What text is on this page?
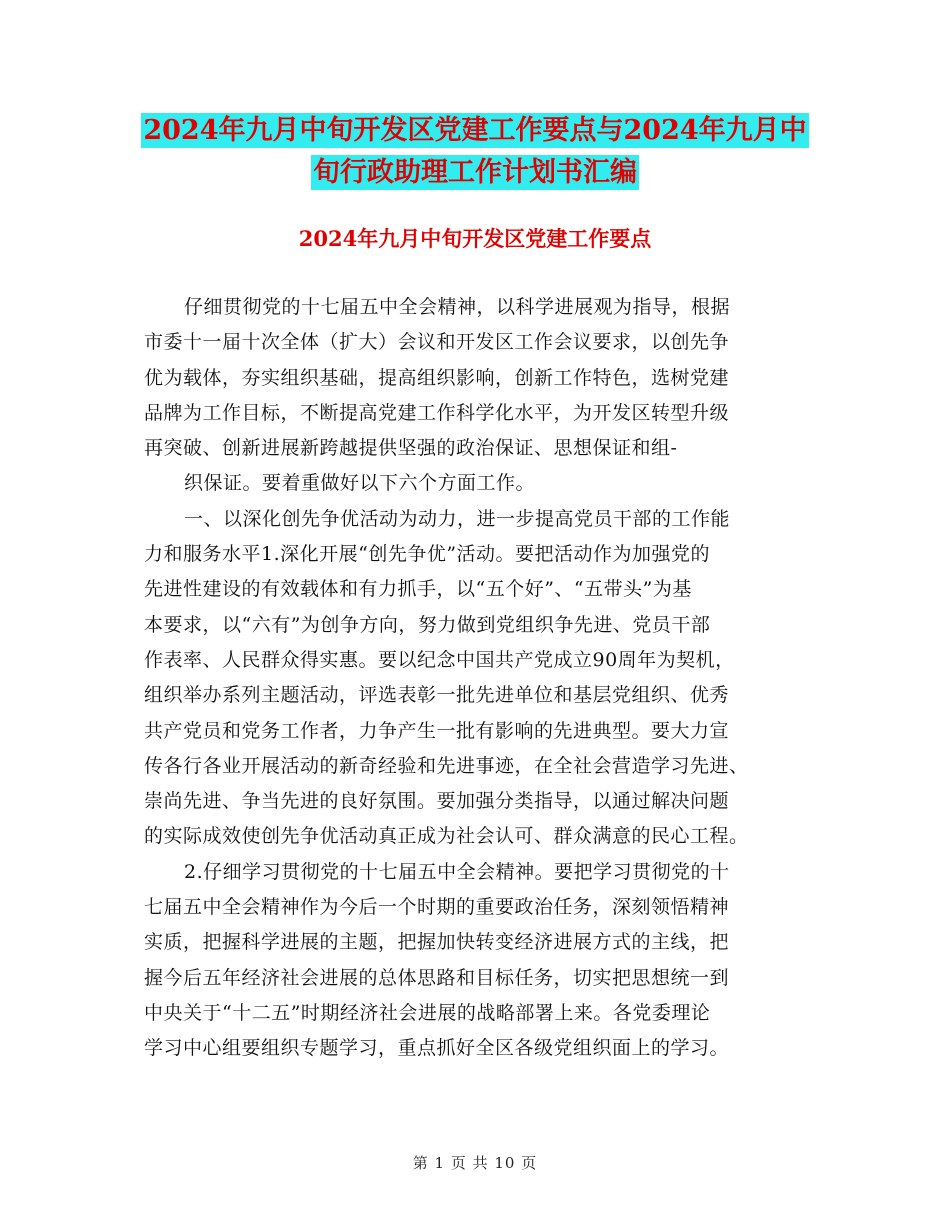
2024年九月中旬开发区党建工作要点与2024年九月中
旬行政助理工作计划书汇编
2024年九月中旬开发区党建工作要点
仔细贯彻党的十七届五中全会精神，以科学进展观为指导，根据
市委十一届十次全体（扩大）会议和开发区工作会议要求，以创先争
优为载体，夯实组织基础，提高组织影响，创新工作特色，选树党建
品牌为工作目标，不断提高党建工作科学化水平，为开发区转型升级
再突破、创新进展新跨越提供坚强的政治保证、思想保证和组-
织保证。要着重做好以下六个方面工作。
一、以深化创先争优活动为动力，进一步提高党员干部的工作能
力和服务水平1.深化开展“创先争优”活动。要把活动作为加强党的
先进性建设的有效载体和有力抓手，以“五个好”、“五带头”为基
本要求，以“六有”为创争方向，努力做到党组织争先进、党员干部
作表率、人民群众得实惠。要以纪念中国共产党成立90周年为契机，
组织举办系列主题活动，评选表彰一批先进单位和基层党组织、优秀
共产党员和党务工作者，力争产生一批有影响的先进典型。要大力宣
传各行各业开展活动的新奇经验和先进事迹，在全社会营造学习先进、
崇尚先进、争当先进的良好氛围。要加强分类指导，以通过解决问题
的实际成效使创先争优活动真正成为社会认可、群众满意的民心工程。
2.仔细学习贯彻党的十七届五中全会精神。要把学习贯彻党的十
七届五中全会精神作为今后一个时期的重要政治任务，深刻领悟精神
实质，把握科学进展的主题，把握加快转变经济进展方式的主线，把
握今后五年经济社会进展的总体思路和目标任务，切实把思想统一到
中央关于“十二五”时期经济社会进展的战略部署上来。各党委理论
学习中心组要组织专题学习，重点抓好全区各级党组织面上的学习。
第 1 页 共 10 页
